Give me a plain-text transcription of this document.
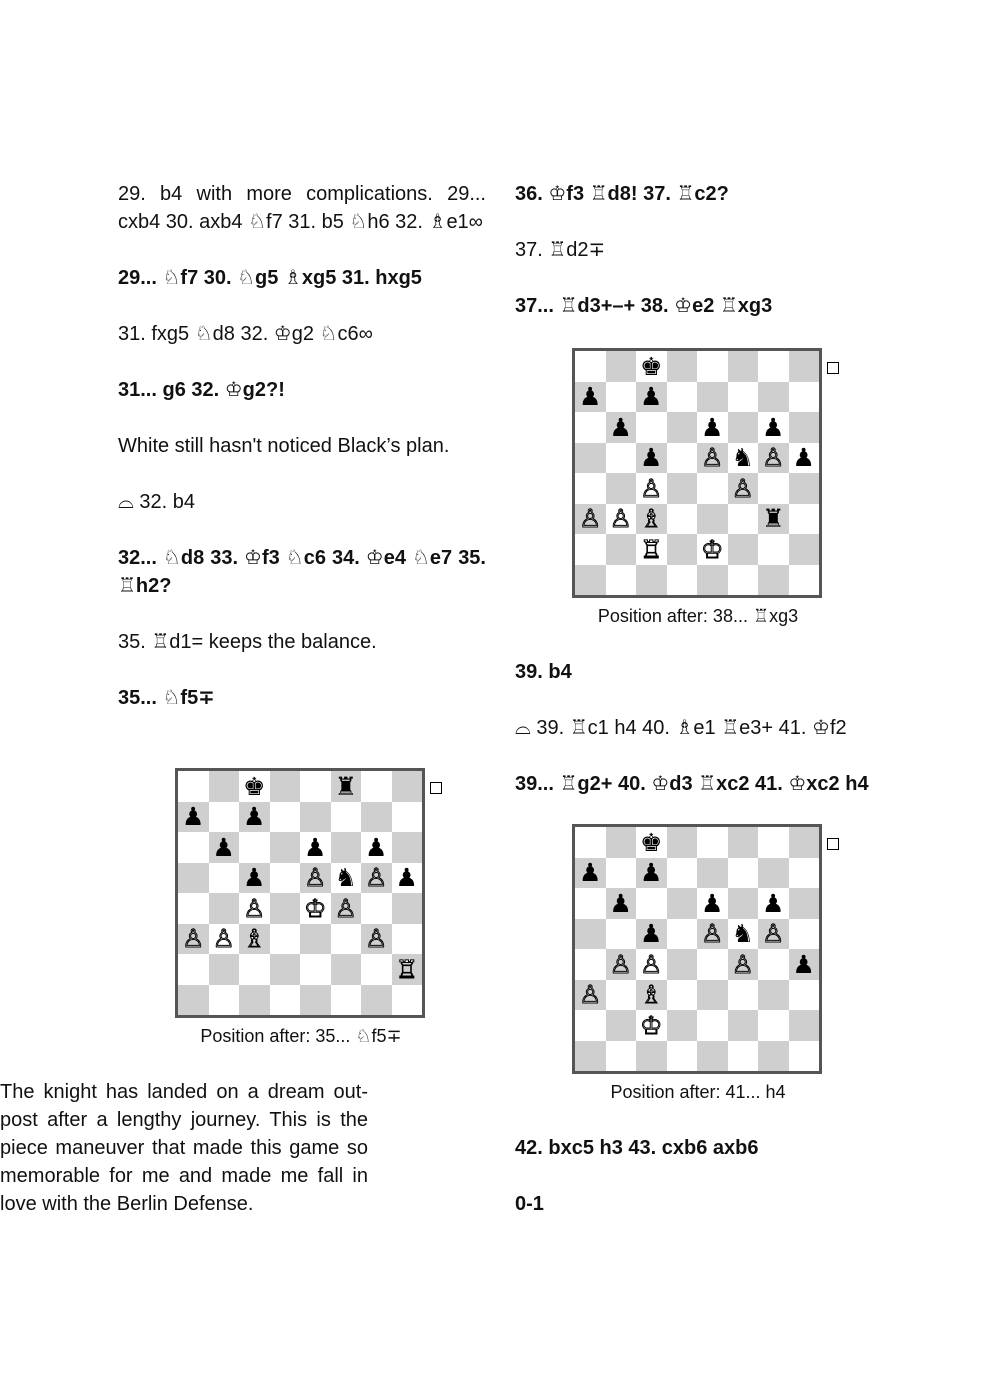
29. b4 with more complications. 29... cxb4 30. axb4 ♘f7 31. b5 ♘h6 32. ♗e1∞

29... ♘f7 30. ♘g5 ♗xg5 31. hxg5

31. fxg5 ♘d8 32. ♔g2 ♘c6∞

31... g6 32. ♔g2?!

White still hasn't noticed Black’s plan.

⌓ 32. b4

32... ♘d8 33. ♔f3 ♘c6 34. ♔e4 ♘e7 35. ♖h2?

35. ♖d1= keeps the balance.

35... ♘f5∓

The knight has landed on a dream out-post after a lengthy journey. This is the piece maneuver that made this game so memorable for me and made me fall in love with the Berlin Defense.

36. ♔f3 ♖d8! 37. ♖c2?

37. ♖d2∓

37... ♖d3+–+ 38. ♔e2 ♖xg3

39. b4

⌓ 39. ♖c1 h4 40. ♗e1 ♖e3+ 41. ♔f2

39... ♖g2+ 40. ♔d3 ♖xc2 41. ♔xc2 h4

42. bxc5 h3 43. cxb6 axb6

0-1

♚	♜
♟ ♟
♟	♟ ♟
♟ ♙ ♞ ♙ ♟
♙ ♔ ♙
♙ ♙ ♗	♙
♖
Position after: 35... ♘f5∓
♚
♟ ♟
♟	♟ ♟
♟ ♙ ♞ ♙ ♟
♙	♙
♙ ♙ ♗	♜
♖ ♔
Position after: 38... ♖xg3
♚
♟ ♟
♟	♟ ♟
♟ ♙ ♞ ♙
♙ ♙	♙ ♟
♙ ♗
♔
Position after: 41... h4
